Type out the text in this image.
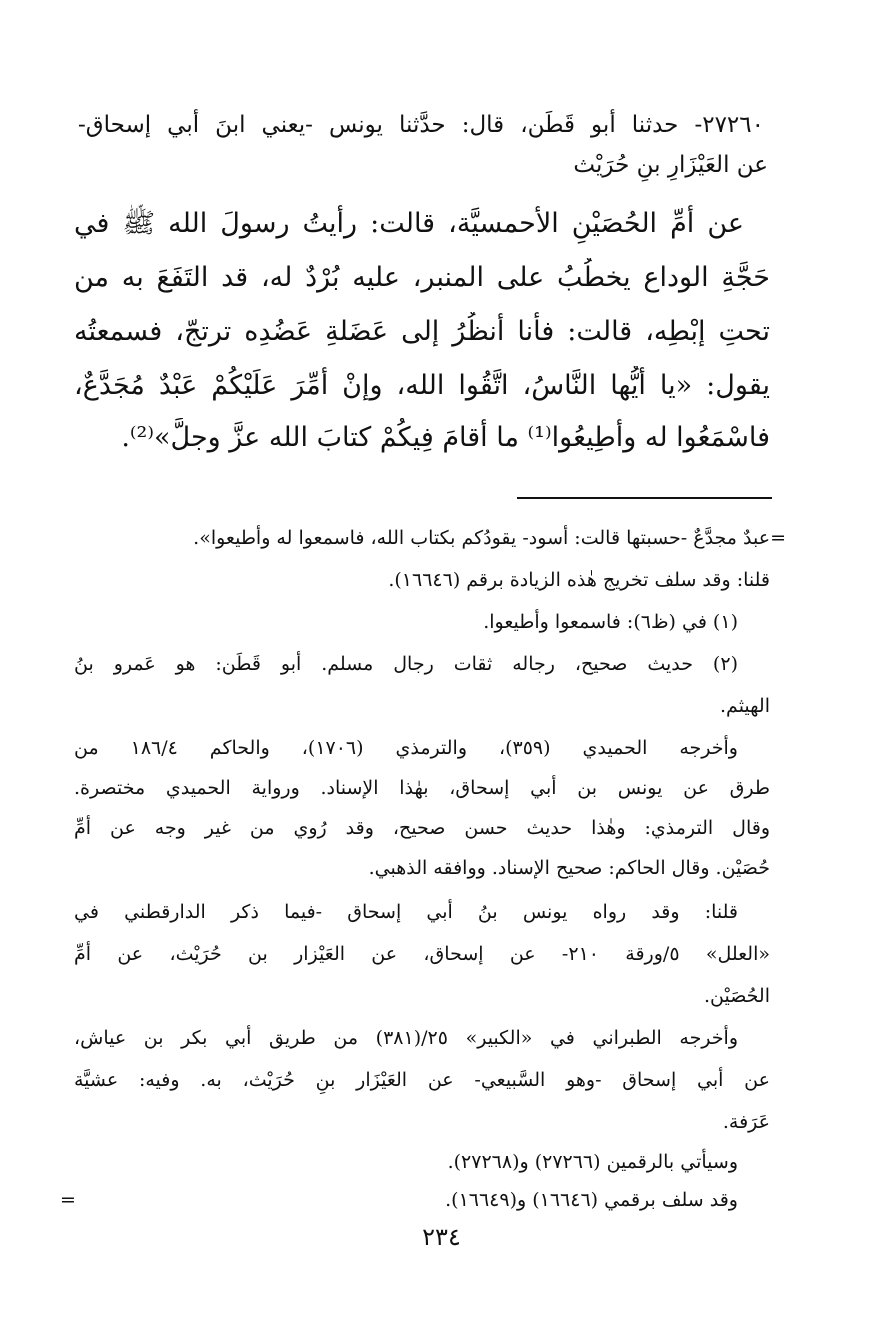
٢٧٢٦٠- حدثنا أبو قَطَن، قال: حدَّثنا يونس -يعني ابنَ أبي إسحاق-
عن العَيْزَارِ بنِ حُرَيْث
عن أمِّ الحُصَيْنِ الأحمسيَّة، قالت: رأيتُ رسولَ الله ﷺ في
حَجَّةِ الوداع يخطُبُ على المنبر، عليه بُرْدٌ له، قد التَفَعَ به من
تحتِ إبْطِه، قالت: فأنا أنظُرُ إلى عَضَلةِ عَضُدِه ترتجّ، فسمعتُه
يقول: «يا أيُّها النَّاسُ، اتَّقُوا الله، وإنْ أُمِّرَ عَلَيْكُمْ عَبْدٌ مُجَدَّعٌ،
فاسْمَعُوا له وأَطِيعُوا⁽¹⁾ ما أَقامَ فِيكُمْ كتابَ الله عزَّ وجلَّ»⁽²⁾.
=عبدٌ مجدَّعٌ -حسبتها قالت: أسود- يقودُكم بكتاب الله، فاسمعوا له وأطيعوا».
قلنا: وقد سلف تخريج هٰذه الزيادة برقم (١٦٦٤٦).
(١) في (ظ٦): فاسمعوا وأطيعوا.
(٢) حديث صحيح، رجاله ثقات رجال مسلم. أبو قَطَن: هو عَمرو بنُ
الهيثم.
وأخرجه الحميدي (٣٥٩)، والترمذي (١٧٠٦)، والحاكم ١٨٦/٤ من
طرق عن يونس بن أبي إسحاق، بهٰذا الإسناد. ورواية الحميدي مختصرة.
وقال الترمذي: وهٰذا حديث حسن صحيح، وقد رُوي من غير وجه عن أمِّ
حُصَيْن. وقال الحاكم: صحيح الإسناد. ووافقه الذهبي.
قلنا: وقد رواه يونس بنُ أبي إسحاق -فيما ذكر الدارقطني في
«العلل» ٥/ورقة ٢١٠- عن إسحاق، عن العَيْزار بن حُرَيْث، عن أمِّ
الحُصَيْن.
وأخرجه الطبراني في «الكبير» ٢٥/(٣٨١) من طريق أبي بكر بن عياش،
عن أبي إسحاق -وهو السَّبيعي- عن العَيْزَار بنِ حُرَيْث، به. وفيه: عشيَّة
عَرَفة.
وسيأتي بالرقمين (٢٧٢٦٦) و(٢٧٢٦٨).
وقد سلف برقمي (١٦٦٤٦) و(١٦٦٤٩).
=
٢٣٤
